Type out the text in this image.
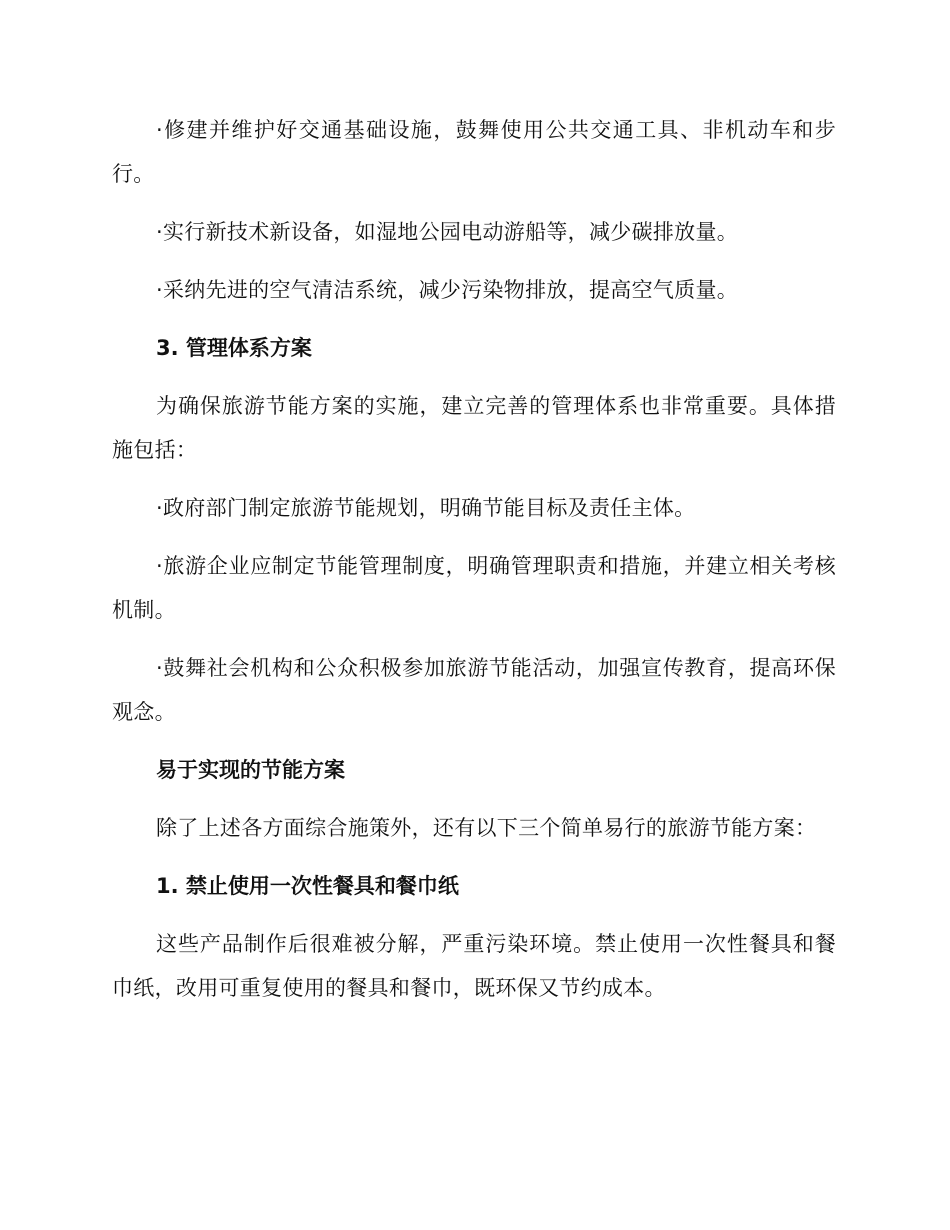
·修建并维护好交通基础设施，鼓舞使用公共交通工具、非机动车和步行。

·实行新技术新设备，如湿地公园电动游船等，减少碳排放量。

·采纳先进的空气清洁系统，减少污染物排放，提高空气质量。

3. 管理体系方案

为确保旅游节能方案的实施，建立完善的管理体系也非常重要。具体措施包括：

·政府部门制定旅游节能规划，明确节能目标及责任主体。

·旅游企业应制定节能管理制度，明确管理职责和措施，并建立相关考核机制。

·鼓舞社会机构和公众积极参加旅游节能活动，加强宣传教育，提高环保观念。

易于实现的节能方案

除了上述各方面综合施策外，还有以下三个简单易行的旅游节能方案：

1. 禁止使用一次性餐具和餐巾纸

这些产品制作后很难被分解，严重污染环境。禁止使用一次性餐具和餐巾纸，改用可重复使用的餐具和餐巾，既环保又节约成本。
